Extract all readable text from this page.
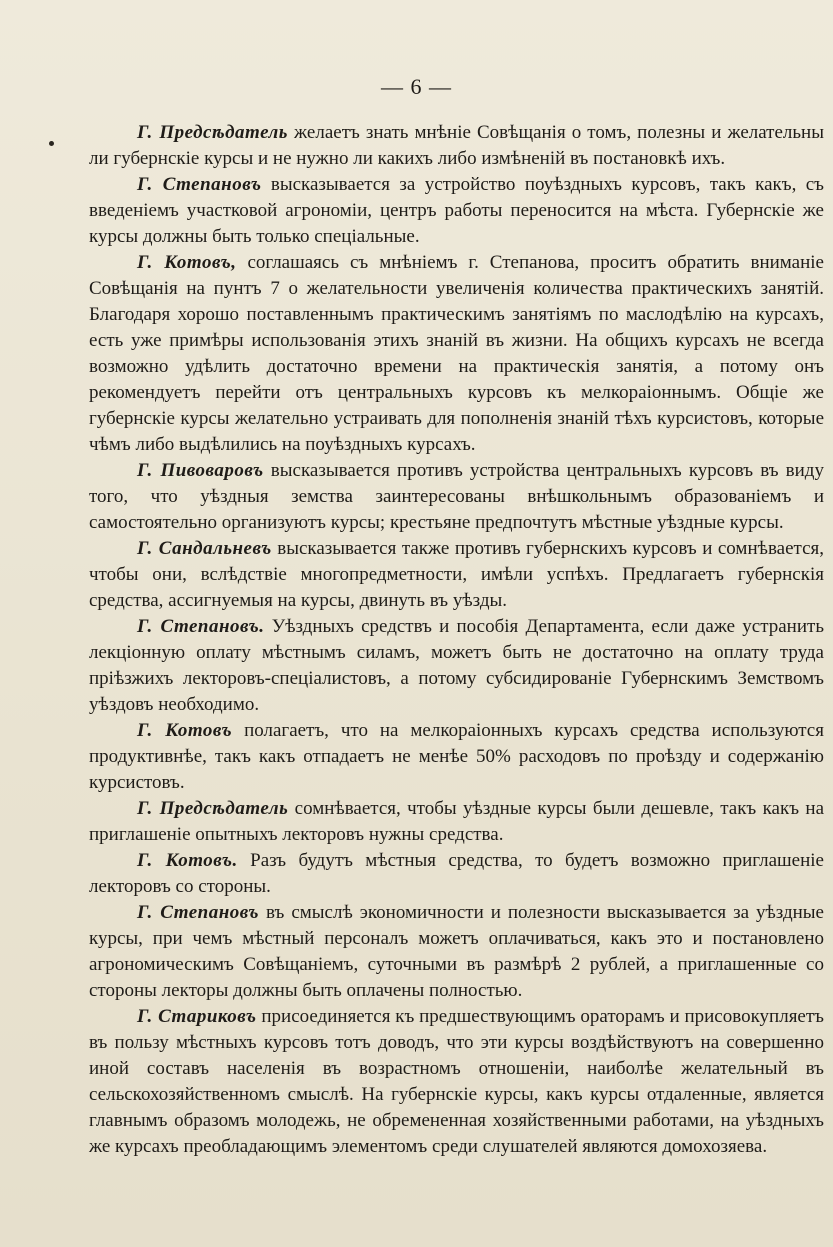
— 6 —

Г. Предсѣдатель желаетъ знать мнѣніе Совѣщанія о томъ, полезны и желательны ли губернскіе курсы и не нужно ли какихъ либо измѣненій въ постановкѣ ихъ.

Г. Степановъ высказывается за устройство поуѣздныхъ курсовъ, такъ какъ, съ введеніемъ участковой агрономіи, центръ работы переносится на мѣста. Губернскіе же курсы должны быть только спеціальные.

Г. Котовъ, соглашаясь съ мнѣніемъ г. Степанова, проситъ обратить вниманіе Совѣщанія на пунтъ 7 о желательности увеличенія количества практическихъ занятій. Благодаря хорошо поставленнымъ практическимъ занятіямъ по маслодѣлію на курсахъ, есть уже примѣры использованія этихъ знаній въ жизни. На общихъ курсахъ не всегда возможно удѣлить достаточно времени на практическія занятія, а потому онъ рекомендуетъ перейти отъ центральныхъ курсовъ къ мелкораіоннымъ. Общіе же губернскіе курсы желательно устраивать для пополненія знаній тѣхъ курсистовъ, которые чѣмъ либо выдѣлились на поуѣздныхъ курсахъ.

Г. Пивоваровъ высказывается противъ устройства центральныхъ курсовъ въ виду того, что уѣздныя земства заинтересованы внѣшкольнымъ образованіемъ и самостоятельно организуютъ курсы; крестьяне предпочтутъ мѣстные уѣздные курсы.

Г. Сандальневъ высказывается также противъ губернскихъ курсовъ и сомнѣвается, чтобы они, вслѣдствіе многопредметности, имѣли успѣхъ. Предлагаетъ губернскія средства, ассигнуемыя на курсы, двинуть въ уѣзды.

Г. Степановъ. Уѣздныхъ средствъ и пособія Департамента, если даже устранить лекціонную оплату мѣстнымъ силамъ, можетъ быть не достаточно на оплату труда пріѣзжихъ лекторовъ-спеціалистовъ, а потому субсидированіе Губернскимъ Земствомъ уѣздовъ необходимо.

Г. Котовъ полагаетъ, что на мелкораіонныхъ курсахъ средства используются продуктивнѣе, такъ какъ отпадаетъ не менѣе 50% расходовъ по проѣзду и содержанію курсистовъ.

Г. Предсѣдатель сомнѣвается, чтобы уѣздные курсы были дешевле, такъ какъ на приглашеніе опытныхъ лекторовъ нужны средства.

Г. Котовъ. Разъ будутъ мѣстныя средства, то будетъ возможно приглашеніе лекторовъ со стороны.

Г. Степановъ въ смыслѣ экономичности и полезности высказывается за уѣздные курсы, при чемъ мѣстный персоналъ можетъ оплачиваться, какъ это и постановлено агрономическимъ Совѣщаніемъ, суточными въ размѣрѣ 2 рублей, а приглашенные со стороны лекторы должны быть оплачены полностью.

Г. Стариковъ присоединяется къ предшествующимъ ораторамъ и присовокупляетъ въ пользу мѣстныхъ курсовъ тотъ доводъ, что эти курсы воздѣйствуютъ на совершенно иной составъ населенія въ возрастномъ отношеніи, наиболѣе желательный въ сельскохозяйственномъ смыслѣ. На губернскіе курсы, какъ курсы отдаленные, является главнымъ образомъ молодежь, не обремененная хозяйственными работами, на уѣздныхъ же курсахъ преобладающимъ элементомъ среди слушателей являются домохозяева.
